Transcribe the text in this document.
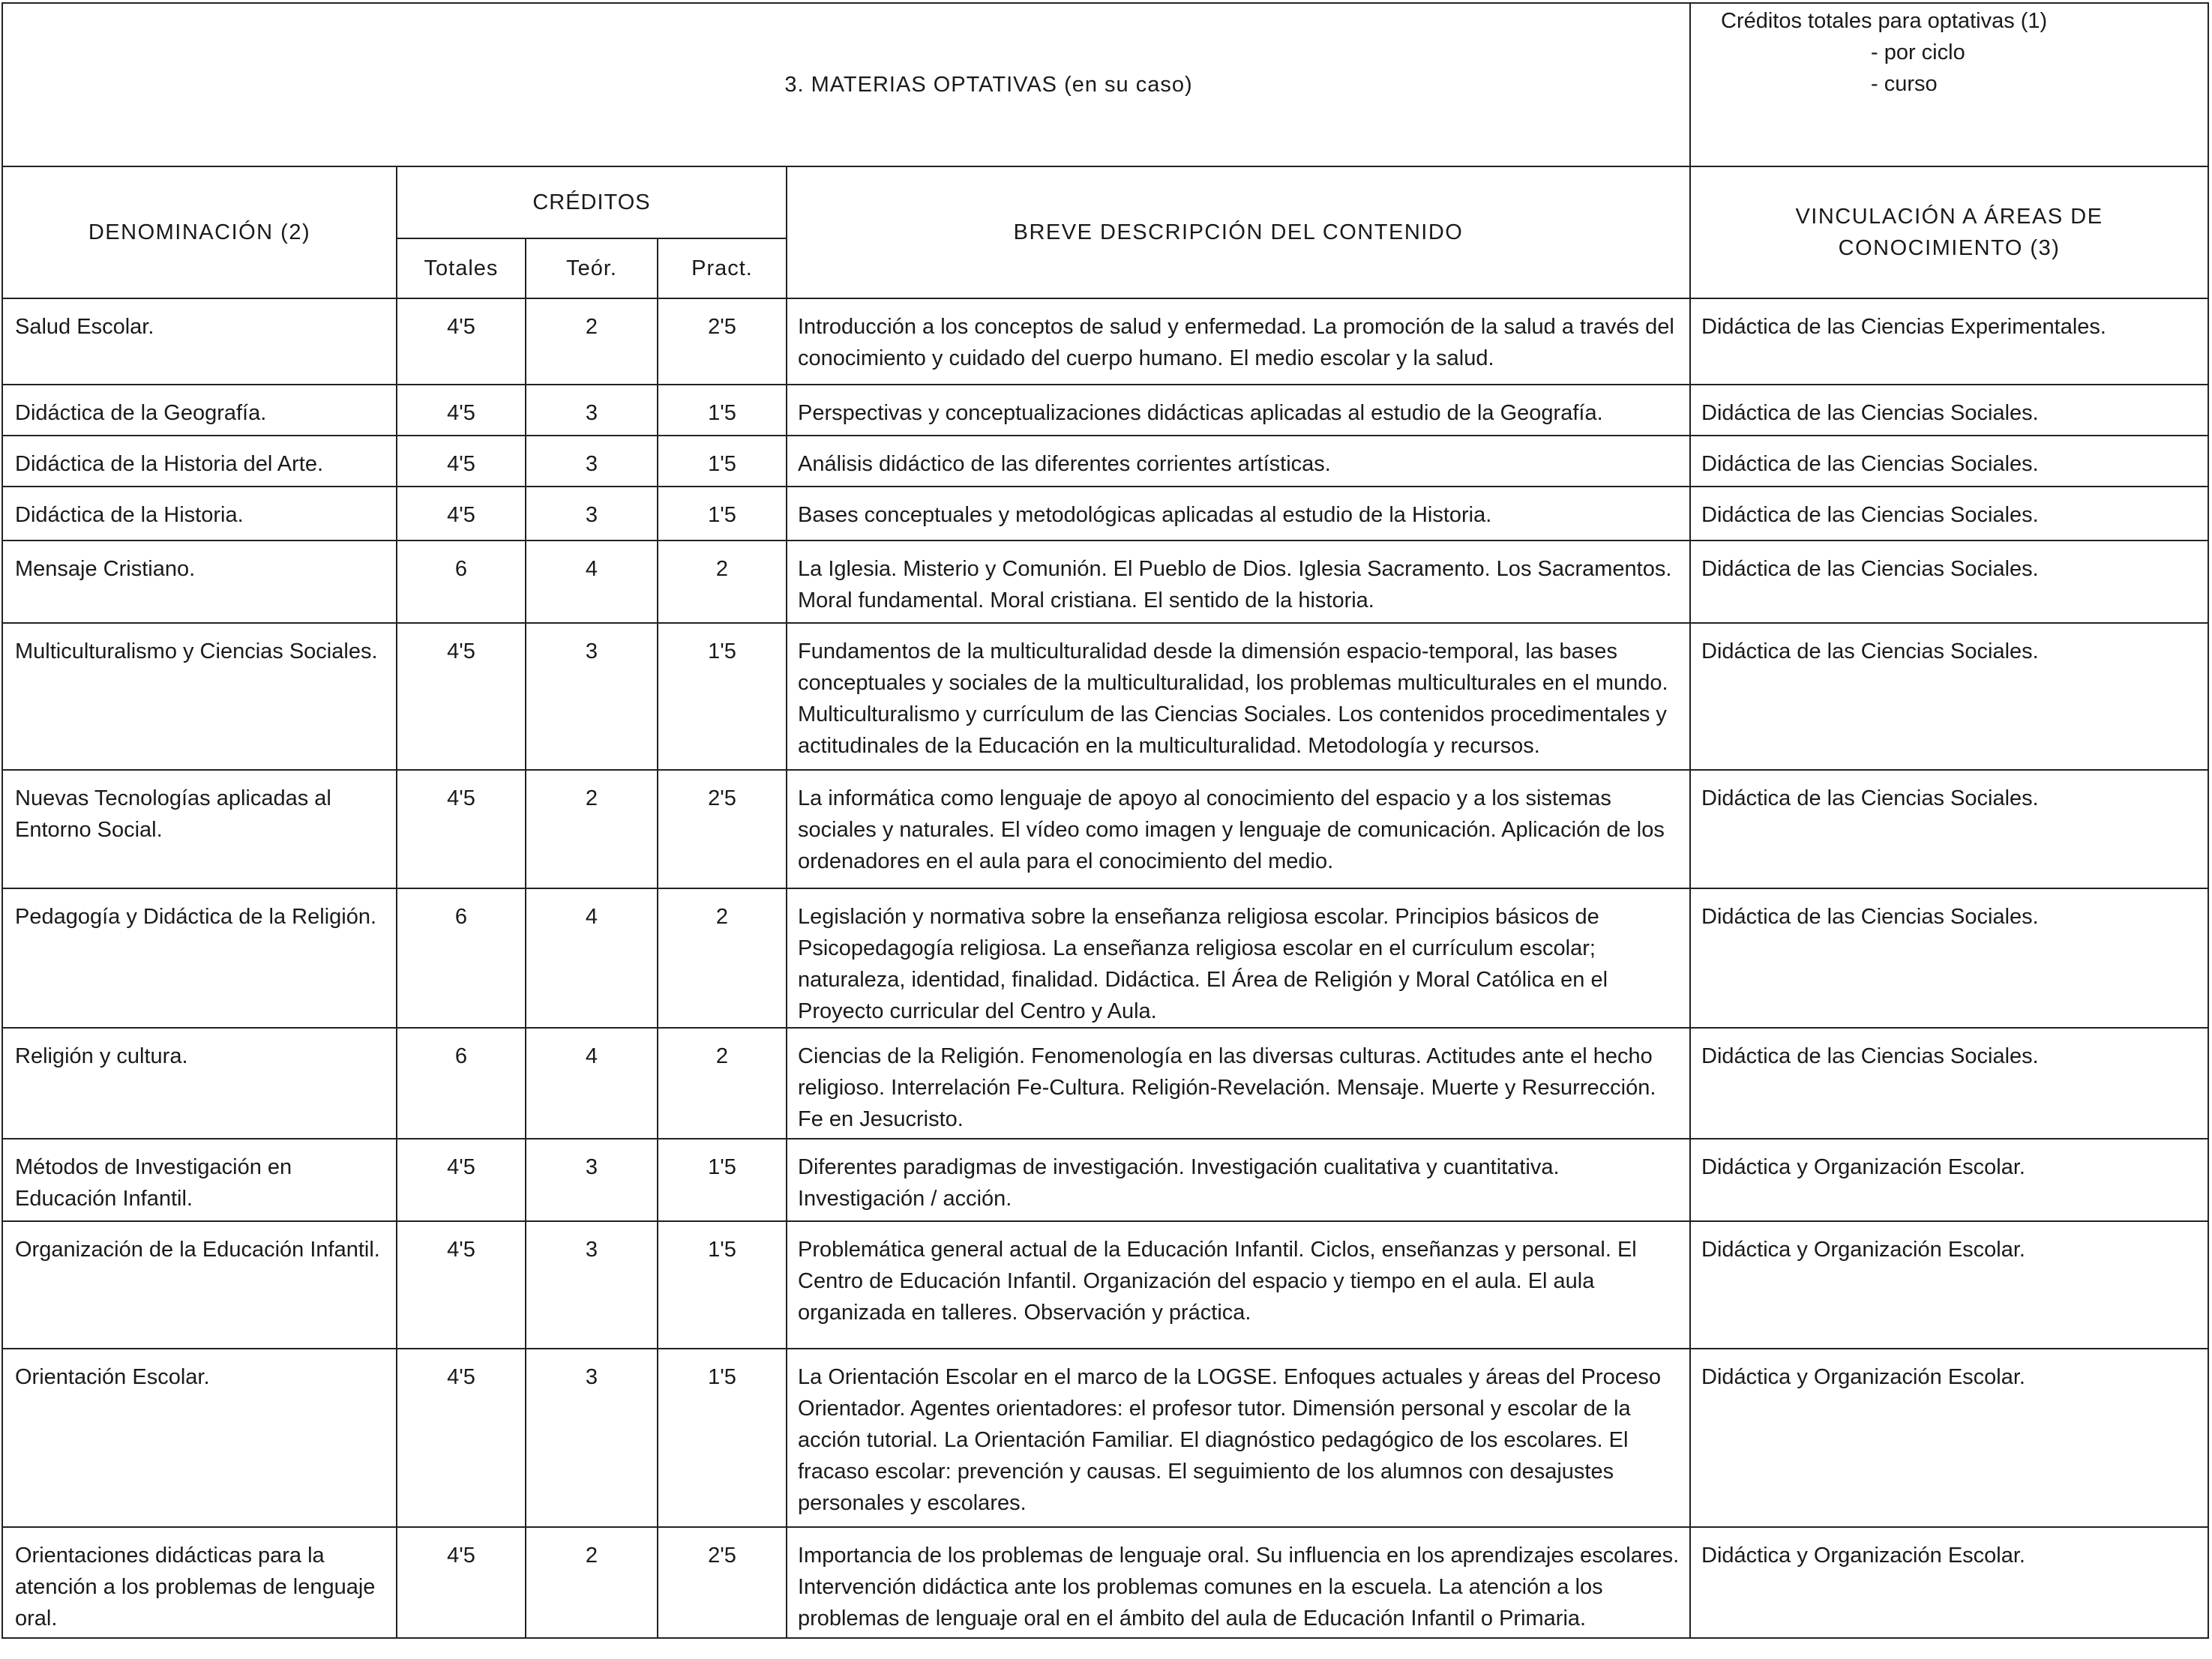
3. MATERIAS OPTATIVAS (en su caso)					Créditos totales para optativas (1)
- por ciclo
- curso

DENOMINACIÓN (2)	CRÉDITOS			BREVE DESCRIPCIÓN DEL CONTENIDO	VINCULACIÓN A ÁREAS DE
CONOCIMIENTO (3)

	Totales	Teór.	Pract.		
Salud Escolar.	4'5	2	2'5	Introducción a los conceptos de salud y enfermedad. La promoción de la salud a través del conocimiento y cuidado del cuerpo humano. El medio escolar y la salud.	Didáctica de las Ciencias Experimentales.
Didáctica de la Geografía.	4'5	3	1'5	Perspectivas y conceptualizaciones didácticas aplicadas al estudio de la Geografía.	Didáctica de las Ciencias Sociales.
Didáctica de la Historia del Arte.	4'5	3	1'5	Análisis didáctico de las diferentes corrientes artísticas.	Didáctica de las Ciencias Sociales.
Didáctica de la Historia.	4'5	3	1'5	Bases conceptuales y metodológicas aplicadas al estudio de la Historia.	Didáctica de las Ciencias Sociales.
Mensaje Cristiano.	6	4	2	La Iglesia. Misterio y Comunión. El Pueblo de Dios. Iglesia Sacramento. Los Sacramentos. Moral fundamental. Moral cristiana. El sentido de la historia.	Didáctica de las Ciencias Sociales.
Multiculturalismo y Ciencias Sociales.	4'5	3	1'5	Fundamentos de la multiculturalidad desde la dimensión espacio-temporal, las bases conceptuales y sociales de la multiculturalidad, los problemas multiculturales en el mundo. Multiculturalismo y currículum de las Ciencias Sociales. Los contenidos procedimentales y actitudinales de la Educación en la multiculturalidad. Metodología y recursos.	Didáctica de las Ciencias Sociales.
Nuevas Tecnologías aplicadas al Entorno Social.	4'5	2	2'5	La informática como lenguaje de apoyo al conocimiento del espacio y a los sistemas sociales y naturales. El vídeo como imagen y lenguaje de comunicación. Aplicación de los ordenadores en el aula para el conocimiento del medio.	Didáctica de las Ciencias Sociales.
Pedagogía y Didáctica de la Religión.	6	4	2	Legislación y normativa sobre la enseñanza religiosa escolar. Principios básicos de Psicopedagogía religiosa. La enseñanza religiosa escolar en el currículum escolar; naturaleza, identidad, finalidad. Didáctica. El Área de Religión y Moral Católica en el Proyecto curricular del Centro y Aula.	Didáctica de las Ciencias Sociales.
Religión y cultura.	6	4	2	Ciencias de la Religión. Fenomenología en las diversas culturas. Actitudes ante el hecho religioso. Interrelación Fe-Cultura. Religión-Revelación. Mensaje. Muerte y Resurrección. Fe en Jesucristo.	Didáctica de las Ciencias Sociales.
Métodos de Investigación en Educación Infantil.	4'5	3	1'5	Diferentes paradigmas de investigación. Investigación cualitativa y cuantitativa. Investigación / acción.	Didáctica y Organización Escolar.
Organización de la Educación Infantil.	4'5	3	1'5	Problemática general actual de la Educación Infantil. Ciclos, enseñanzas y personal. El Centro de Educación Infantil. Organización del espacio y tiempo en el aula. El aula organizada en talleres. Observación y práctica.	Didáctica y Organización Escolar.
Orientación Escolar.	4'5	3	1'5	La Orientación Escolar en el marco de la LOGSE. Enfoques actuales y áreas del Proceso Orientador. Agentes orientadores: el profesor tutor. Dimensión personal y escolar de la acción tutorial. La Orientación Familiar. El diagnóstico pedagógico de los escolares. El fracaso escolar: prevención y causas. El seguimiento de los alumnos con desajustes personales y escolares.	Didáctica y Organización Escolar.
Orientaciones didácticas para la atención a los problemas de lenguaje oral.	4'5	2	2'5	Importancia de los problemas de lenguaje oral. Su influencia en los aprendizajes escolares. Intervención didáctica ante los problemas comunes en la escuela. La atención a los problemas de lenguaje oral en el ámbito del aula de Educación Infantil o Primaria.	Didáctica y Organización Escolar.
